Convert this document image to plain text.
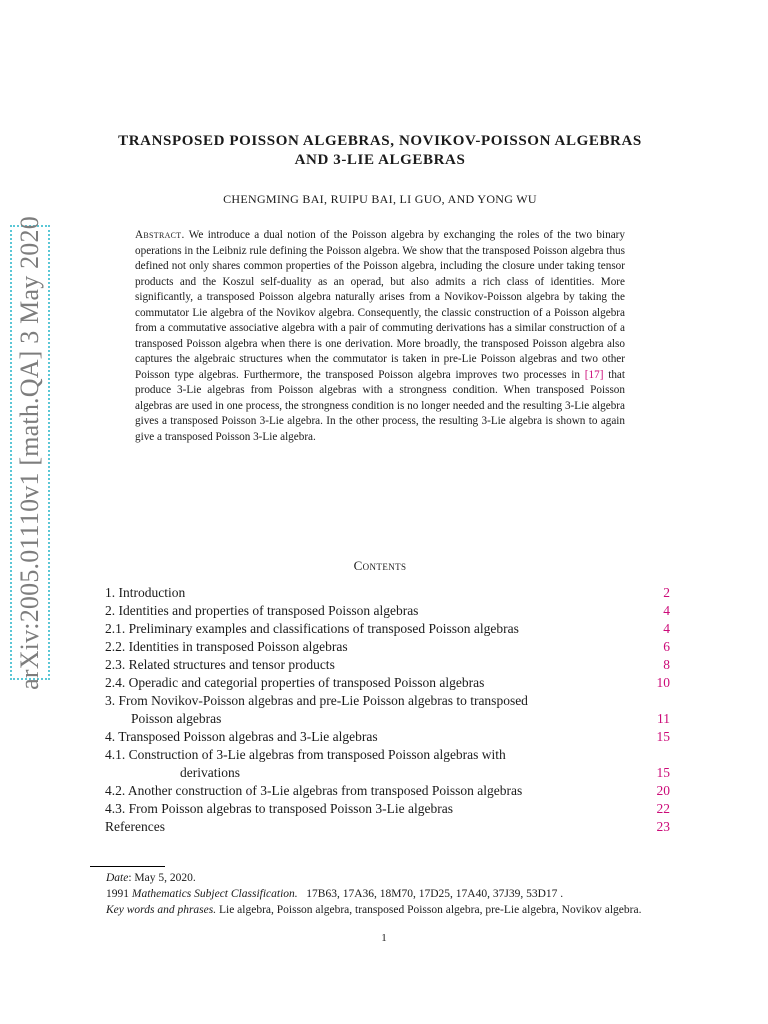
arXiv:2005.01110v1 [math.QA] 3 May 2020
TRANSPOSED POISSON ALGEBRAS, NOVIKOV-POISSON ALGEBRAS
AND 3-LIE ALGEBRAS
CHENGMING BAI, RUIPU BAI, LI GUO, AND YONG WU
Abstract. We introduce a dual notion of the Poisson algebra by exchanging the roles of the two binary operations in the Leibniz rule defining the Poisson algebra. We show that the transposed Poisson algebra thus defined not only shares common properties of the Poisson algebra, including the closure under taking tensor products and the Koszul self-duality as an operad, but also admits a rich class of identities. More significantly, a transposed Poisson algebra naturally arises from a Novikov-Poisson algebra by taking the commutator Lie algebra of the Novikov algebra. Consequently, the classic construction of a Poisson algebra from a commutative associative algebra with a pair of commuting derivations has a similar construction of a transposed Poisson algebra when there is one derivation. More broadly, the transposed Poisson algebra also captures the algebraic structures when the commutator is taken in pre-Lie Poisson algebras and two other Poisson type algebras. Furthermore, the transposed Poisson algebra improves two processes in [17] that produce 3-Lie algebras from Poisson algebras with a strongness condition. When transposed Poisson algebras are used in one process, the strongness condition is no longer needed and the resulting 3-Lie algebra gives a transposed Poisson 3-Lie algebra. In the other process, the resulting 3-Lie algebra is shown to again give a transposed Poisson 3-Lie algebra.
Contents
1. Introduction	2
2. Identities and properties of transposed Poisson algebras	4
2.1. Preliminary examples and classifications of transposed Poisson algebras	4
2.2. Identities in transposed Poisson algebras	6
2.3. Related structures and tensor products	8
2.4. Operadic and categorial properties of transposed Poisson algebras	10
3. From Novikov-Poisson algebras and pre-Lie Poisson algebras to transposed
Poisson algebras	11
4. Transposed Poisson algebras and 3-Lie algebras	15
4.1. Construction of 3-Lie algebras from transposed Poisson algebras with
derivations	15
4.2. Another construction of 3-Lie algebras from transposed Poisson algebras	20
4.3. From Poisson algebras to transposed Poisson 3-Lie algebras	22
References	23

Date: May 5, 2020.

1991 Mathematics Subject Classification. 17B63, 17A36, 18M70, 17D25, 17A40, 37J39, 53D17 .

Key words and phrases. Lie algebra, Poisson algebra, transposed Poisson algebra, pre-Lie algebra, Novikov algebra.

1
